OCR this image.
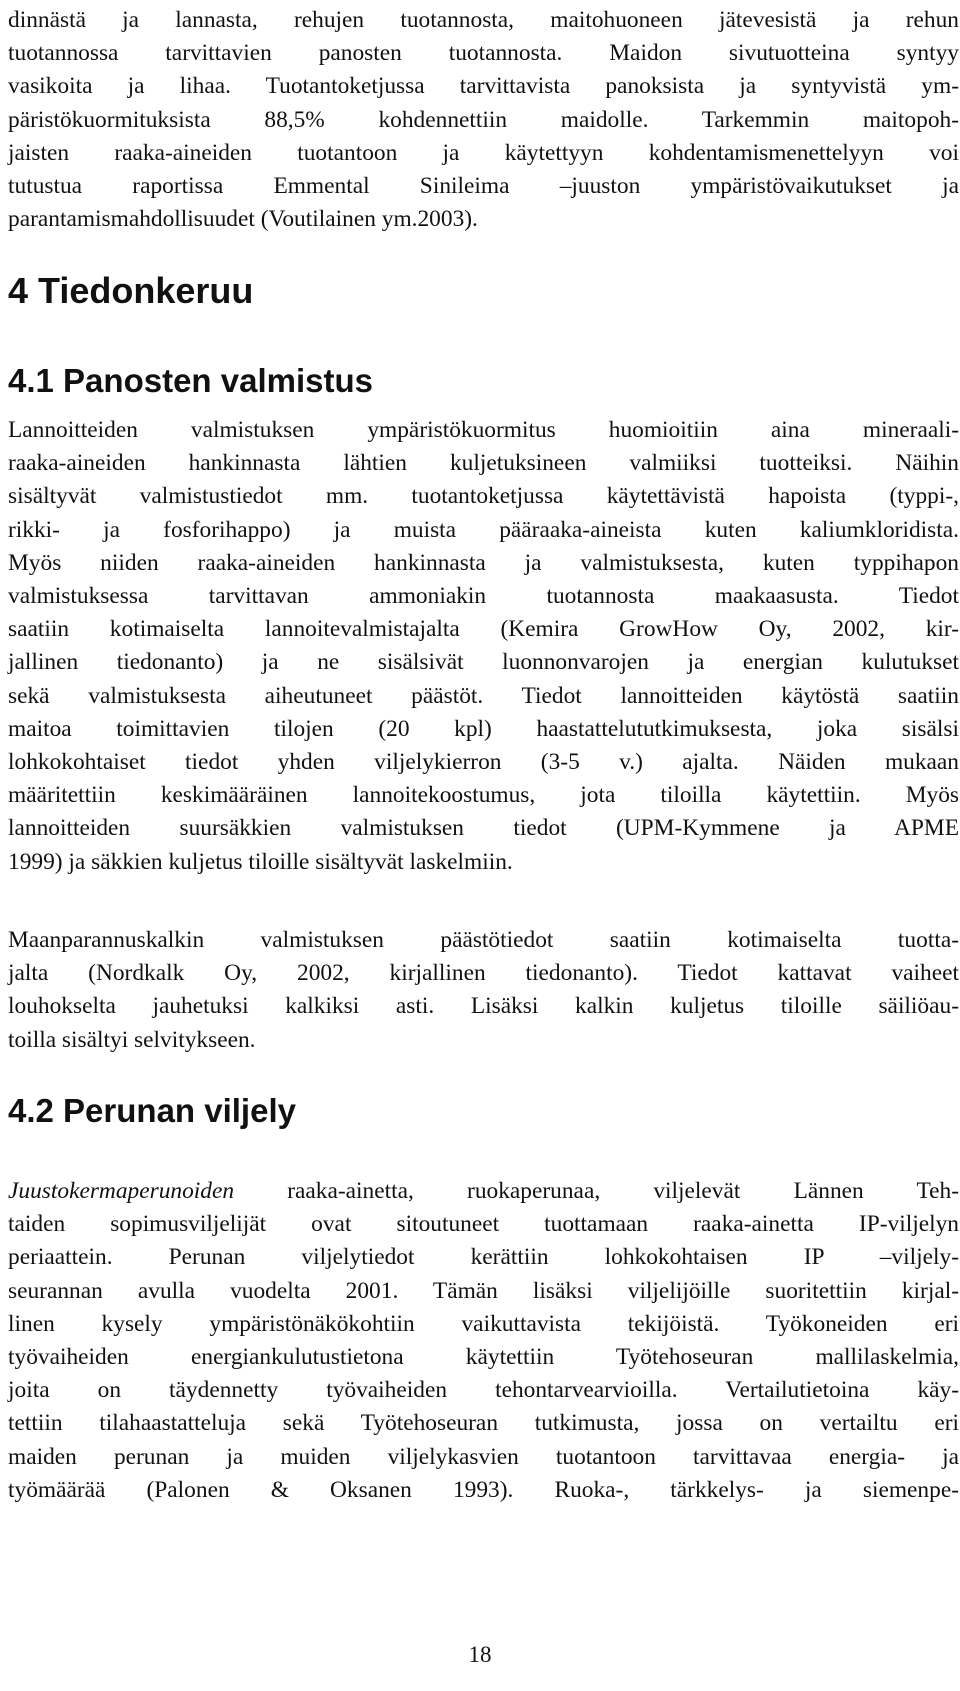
dinnästä ja lannasta, rehujen tuotannosta, maitohuoneen jätevesistä ja rehun
tuotannossa tarvittavien panosten tuotannosta. Maidon sivutuotteina syntyy
vasikoita ja lihaa. Tuotantoketjussa tarvittavista panoksista ja syntyvistä ym-
päristökuormituksista 88,5% kohdennettiin maidolle. Tarkemmin maitopoh-
jaisten raaka-aineiden tuotantoon ja käytettyyn kohdentamismenettelyyn voi
tutustua raportissa Emmental Sinileima –juuston ympäristövaikutukset ja
parantamismahdollisuudet (Voutilainen ym.2003).
4 Tiedonkeruu
4.1 Panosten valmistus
Lannoitteiden valmistuksen ympäristökuormitus huomioitiin aina mineraali-
raaka-aineiden hankinnasta lähtien kuljetuksineen valmiiksi tuotteiksi. Näihin
sisältyvät valmistustiedot mm. tuotantoketjussa käytettävistä hapoista (typpi-,
rikki- ja fosforihappo) ja muista pääraaka-aineista kuten kaliumkloridista.
Myös niiden raaka-aineiden hankinnasta ja valmistuksesta, kuten typpihapon
valmistuksessa tarvittavan ammoniakin tuotannosta maakaasusta. Tiedot
saatiin kotimaiselta lannoitevalmistajalta (Kemira GrowHow Oy, 2002, kir-
jallinen tiedonanto) ja ne sisälsivät luonnonvarojen ja energian kulutukset
sekä valmistuksesta aiheutuneet päästöt. Tiedot lannoitteiden käytöstä saatiin
maitoa toimittavien tilojen (20 kpl) haastattelututkimuksesta, joka sisälsi
lohkokohtaiset tiedot yhden viljelykierron (3-5 v.) ajalta. Näiden mukaan
määritettiin keskimääräinen lannoitekoostumus, jota tiloilla käytettiin. Myös
lannoitteiden suursäkkien valmistuksen tiedot (UPM-Kymmene ja APME
1999) ja säkkien kuljetus tiloille sisältyvät laskelmiin.
Maanparannuskalkin valmistuksen päästötiedot saatiin kotimaiselta tuotta-
jalta (Nordkalk Oy, 2002, kirjallinen tiedonanto). Tiedot kattavat vaiheet
louhokselta jauhetuksi kalkiksi asti. Lisäksi kalkin kuljetus tiloille säiliöau-
toilla sisältyi selvitykseen.
4.2 Perunan viljely
Juustokermaperunoiden raaka-ainetta, ruokaperunaa, viljelevät Lännen Teh-
taiden sopimusviljelijät ovat sitoutuneet tuottamaan raaka-ainetta IP-viljelyn
periaattein. Perunan viljelytiedot kerättiin lohkokohtaisen IP –viljely-
seurannan avulla vuodelta 2001. Tämän lisäksi viljelijöille suoritettiin kirjal-
linen kysely ympäristönäkökohtiin vaikuttavista tekijöistä. Työkoneiden eri
työvaiheiden energiankulutustietona käytettiin Työtehoseuran mallilaskelmia,
joita on täydennetty työvaiheiden tehontarvearvioilla. Vertailutietoina käy-
tettiin tilahaastatteluja sekä Työtehoseuran tutkimusta, jossa on vertailtu eri
maiden perunan ja muiden viljelykasvien tuotantoon tarvittavaa energia- ja
työmäärää (Palonen & Oksanen 1993). Ruoka-, tärkkelys- ja siemenpe-
18
